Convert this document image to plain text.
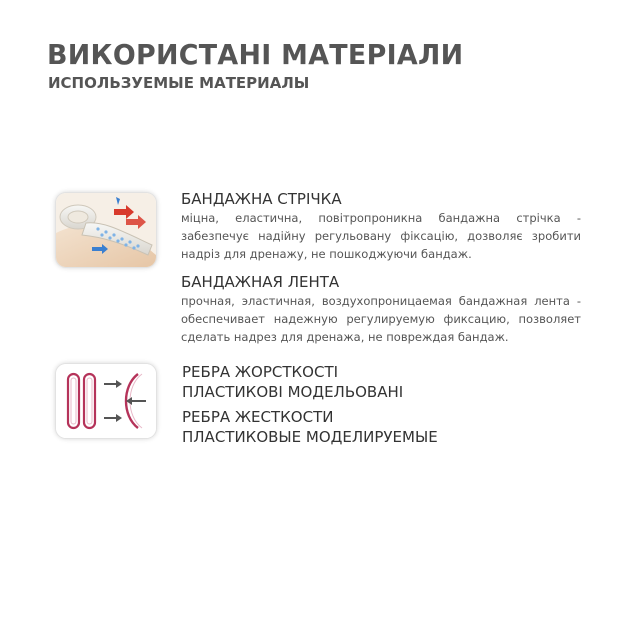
ВИКОРИСТАНІ МАТЕРІАЛИ
ИСПОЛЬЗУЕМЫЕ МАТЕРИАЛЫ
БАНДАЖНА СТРІЧКА
міцна, еластична, повітропроникна бандажна стрічка - забезпечує надійну регульовану фіксацію, дозволяє зробити надріз для дренажу, не пошкоджуючи бандаж.
БАНДАЖНАЯ ЛЕНТА
прочная, эластичная, воздухопроницаемая бандажная лента - обеспечивает надежную регулируемую фиксацию, позволяет сделать надрез для дренажа, не повреждая бандаж.
РЕБРА ЖОРСТКОСТІ
ПЛАСТИКОВІ МОДЕЛЬОВАНІ
РЕБРА ЖЕСТКОСТИ
ПЛАСТИКОВЫЕ МОДЕЛИРУЕМЫЕ
